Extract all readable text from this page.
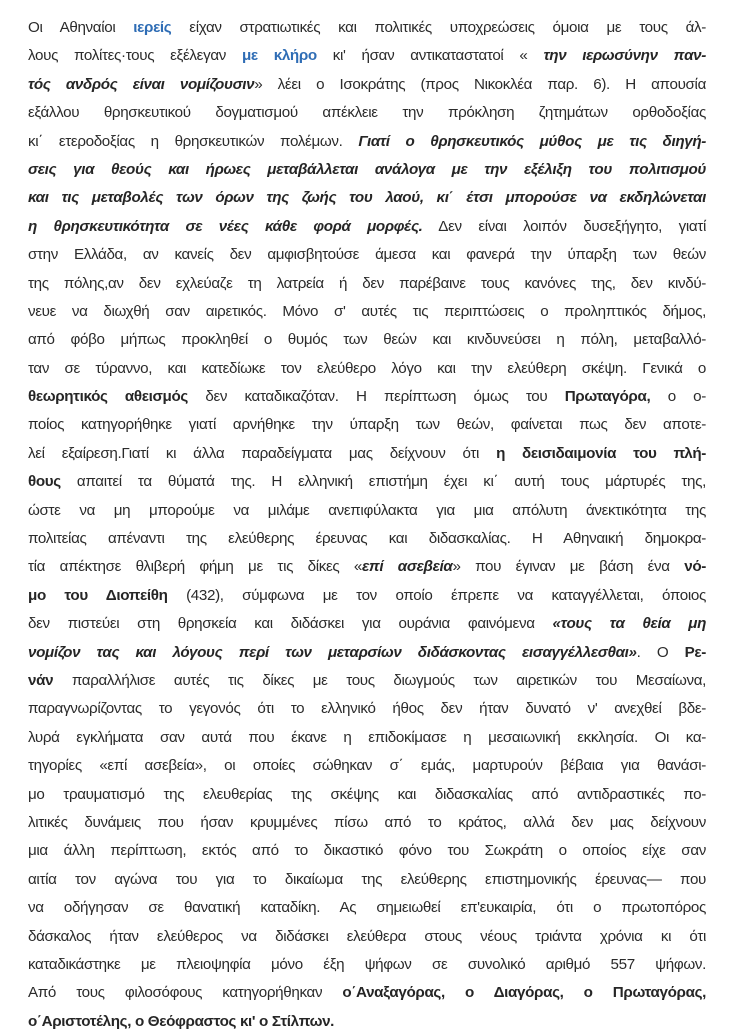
Οι Αθηναίοι ιερείς είχαν στρατιωτικές και πολιτικές υποχρεώσεις όμοια με τους άλ-
λους πολίτες·τους εξέλεγαν με κλήρο κι' ήσαν αντικαταστατοί « την ιερωσύνην παν-
τός ανδρός είναι νομίζουσιν» λέει ο Ισοκράτης (προς Νικοκλέα παρ. 6). Η απουσία
εξάλλου θρησκευτικού δογματισμού απέκλειε την πρόκληση ζητημάτων ορθοδοξίας
κι΄ ετεροδοξίας η θρησκευτικών πολέμων. Γιατί ο θρησκευτικός μύθος με τις διηγή-
σεις για θεούς και ήρωες μεταβάλλεται ανάλογα με την εξέλιξη του πολιτισμού
και τις μεταβολές των όρων της ζωής του λαού, κι΄ έτσι μπορούσε να εκδηλώνεται
η θρησκευτικότητα σε νέες κάθε φορά μορφές. Δεν είναι λοιπόν δυσεξήγητο, γιατί
στην Ελλάδα, αν κανείς δεν αμφισβητούσε άμεσα και φανερά την ύπαρξη των θεών
της πόλης,αν δεν εχλεύαζε τη λατρεία ή δεν παρέβαινε τους κανόνες της, δεν κινδύ-
νευε να διωχθή σαν αιρετικός. Μόνο σ' αυτές τις περιπτώσεις ο προληπτικός δήμος,
από φόβο μήπως προκληθεί ο θυμός των θεών και κινδυνεύσει η πόλη, μεταβαλλό-
ταν σε τύραννο, και κατεδίωκε τον ελεύθερο λόγο και την ελεύθερη σκέψη. Γενικά ο
θεωρητικός αθεισμός δεν καταδικαζόταν. Η περίπτωση όμως του Πρωταγόρα, ο ο-
ποίος κατηγορήθηκε γιατί αρνήθηκε την ύπαρξη των θεών, φαίνεται πως δεν αποτε-
λεί εξαίρεση.Γιατί κι άλλα παραδείγματα μας δείχνουν ότι η δεισιδαιμονία του πλή-
θους απαιτεί τα θύματά της. Η ελληνική επιστήμη έχει κι΄ αυτή τους μάρτυρές της,
ώστε να μη μπορούμε να μιλάμε ανεπιφύλακτα για μια απόλυτη άνεκτικότητα της
πολιτείας απέναντι της ελεύθερης έρευνας και διδασκαλίας. Η Αθηναική δημοκρα-
τία απέκτησε θλιβερή φήμη με τις δίκες «επί ασεβεία» που έγιναν με βάση ένα νό-
μο του Διοπείθη (432), σύμφωνα με τον οποίο έπρεπε να καταγγέλλεται, όποιος
δεν πιστεύει στη θρησκεία και διδάσκει για ουράνια φαινόμενα «τους τα θεία μη
νομίζον τας και λόγους περί των μεταρσίων διδάσκοντας εισαγγέλλεσθαι». Ο Ρε-
νάν παραλλήλισε αυτές τις δίκες με τους διωγμούς των αιρετικών του Μεσαίωνα,
παραγνωρίζοντας το γεγονός ότι το ελληνικό ήθος δεν ήταν δυνατό ν' ανεχθεί βδε-
λυρά εγκλήματα σαν αυτά που έκανε η επιδοκίμασε η μεσαιωνική εκκλησία. Οι κα-
τηγορίες «επί ασεβεία», οι οποίες σώθηκαν σ΄ εμάς, μαρτυρούν βέβαια για θανάσι-
μο τραυματισμό της ελευθερίας της σκέψης και διδασκαλίας από αντιδραστικές πο-
λιτικές δυνάμεις που ήσαν κρυμμένες πίσω από το κράτος, αλλά δεν μας δείχνουν
μια άλλη περίπτωση, εκτός από το δικαστικό φόνο του Σωκράτη ο οποίος είχε σαν
αιτία τον αγώνα του για το δικαίωμα της ελεύθερης επιστημονικής έρευνας— που
να οδήγησαν σε θανατική καταδίκη. Ας σημειωθεί επ'ευκαιρία, ότι ο πρωτοπόρος
δάσκαλος ήταν ελεύθερος να διδάσκει ελεύθερα στους νέους τριάντα χρόνια κι ότι
καταδικάστηκε με πλειοψηφία μόνο έξη ψήφων σε συνολικό αριθμό 557 ψήφων.
Από τους φιλοσόφους κατηγορήθηκαν ο΄Αναξαγόρας, ο Διαγόρας, ο Πρωταγόρας,
ο΄Αριστοτέλης, ο Θεόφραστος κι' ο Στίλπων.
